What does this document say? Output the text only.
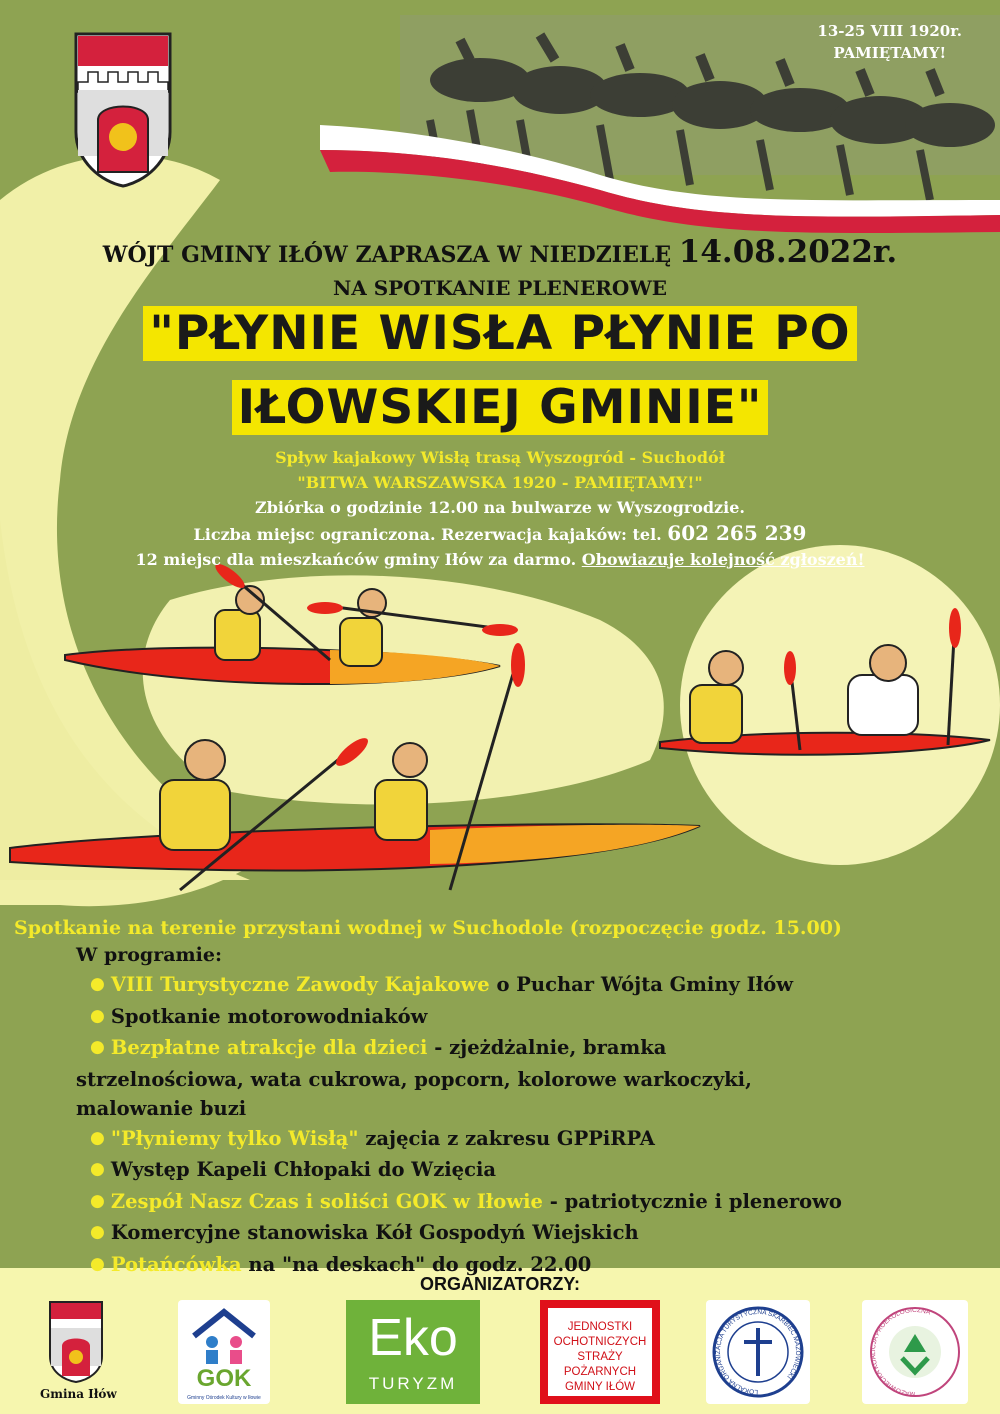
13-25 VIII 1920r.
PAMIĘTAMY!
WÓJT GMINY IŁÓW ZAPRASZA W NIEDZIELĘ 14.08.2022r.
NA SPOTKANIE PLENEROWE
"PŁYNIE WISŁA PŁYNIE PO
IŁOWSKIEJ GMINIE"
Spływ kajakowy Wisłą trasą Wyszogród - Suchodół
"BITWA WARSZAWSKA 1920 - PAMIĘTAMY!"
Zbiórka o godzinie 12.00 na bulwarze w Wyszogrodzie.
Liczba miejsc ograniczona. Rezerwacja kajaków: tel. 602 265 239
12 miejsc dla mieszkańców gminy Iłów za darmo. Obowiazuje kolejność zgłoszeń!
Spotkanie na terenie przystani wodnej w Suchodole (rozpoczęcie godz. 15.00)
W programie:
● VIII Turystyczne Zawody Kajakowe o Puchar Wójta Gminy Iłów
● Spotkanie motorowodniaków
● Bezpłatne atrakcje dla dzieci - zjeżdżalnie, bramka
strzelnościowa, wata cukrowa, popcorn, kolorowe warkoczyki,
malowanie buzi
● "Płyniemy tylko Wisłą" zajęcia z zakresu GPPiRPA
● Występ Kapeli Chłopaki do Wzięcia
● Zespół Nasz Czas i soliści GOK w Iłowie - patriotycznie i plenerowo
● Komercyjne stanowiska Kół Gospodyń Wiejskich
● Potańcówka na "na deskach" do godz. 22.00
ORGANIZATORZY:
Gmina Iłów
GOK
Gminny Ośrodek Kultury w Iłowie
Eko
TURYZM
JEDNOSTKI
OCHOTNICZYCH
STRAŻY
POŻARNYCH
GMINY IŁÓW	LOKALNA ORGANIZACJA TURYSTYCZNA SKARBIEC MAZOWIECKI
MAZOWIECKA KOALICJA PROEKOLOGICZNA
